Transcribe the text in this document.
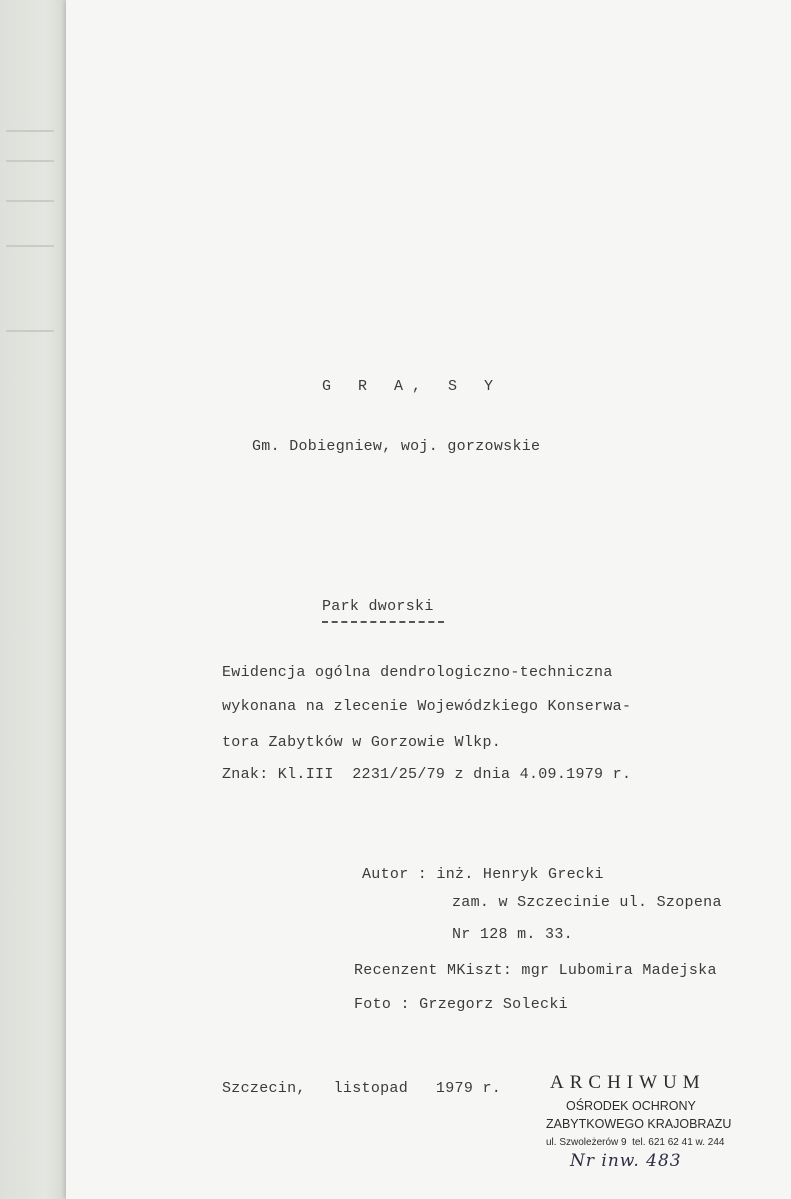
G R A, S Y
Gm. Dobiegniew, woj. gorzowskie
Park dworski
Ewidencja ogólna dendrologiczno-techniczna
wykonana na zlecenie Wojewódzkiego Konserwa-
tora Zabytków w Gorzowie Wlkp.
Znak: Kl.III  2231/25/79 z dnia 4.09.1979 r.
Autor : inż. Henryk Grecki
zam. w Szczecinie ul. Szopena
Nr 128 m. 33.
Recenzent MKiszt: mgr Lubomira Madejska
Foto : Grzegorz Solecki
Szczecin,   listopad   1979 r.	ARCHIWUM
OŚRODEK OCHRONY
ZABYTKOWEGO KRAJOBRAZU
ul. Szwoleżerów 9  tel. 621 62 41 w. 244
Nr inw. 483
